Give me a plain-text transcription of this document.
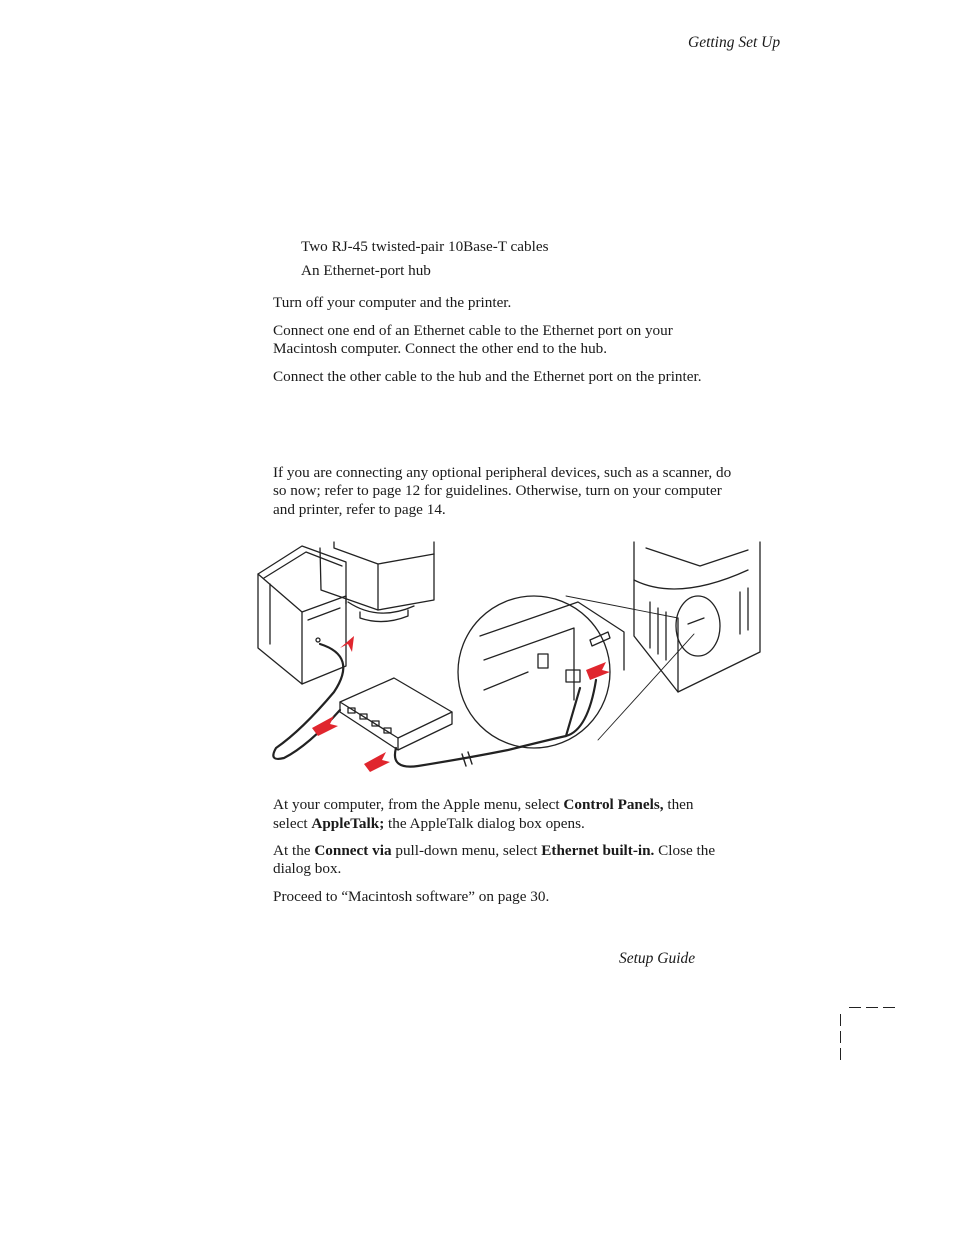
Getting Set Up
Two RJ-45 twisted-pair 10Base-T cables
An Ethernet-port hub
Turn off your computer and the printer.
Connect one end of an Ethernet cable to the Ethernet port on your
Macintosh computer. Connect the other end to the hub.
Connect the other cable to the hub and the Ethernet port on the printer.
If you are connecting any optional peripheral devices, such as a scanner, do
so now; refer to page 12 for guidelines. Otherwise, turn on your computer
and printer, refer to page 14.
At your computer, from the Apple menu, select Control Panels, then
select AppleTalk; the AppleTalk dialog box opens.
At the Connect via pull-down menu, select Ethernet built-in. Close the
dialog box.
Proceed to “Macintosh software” on page 30.
Setup Guide
